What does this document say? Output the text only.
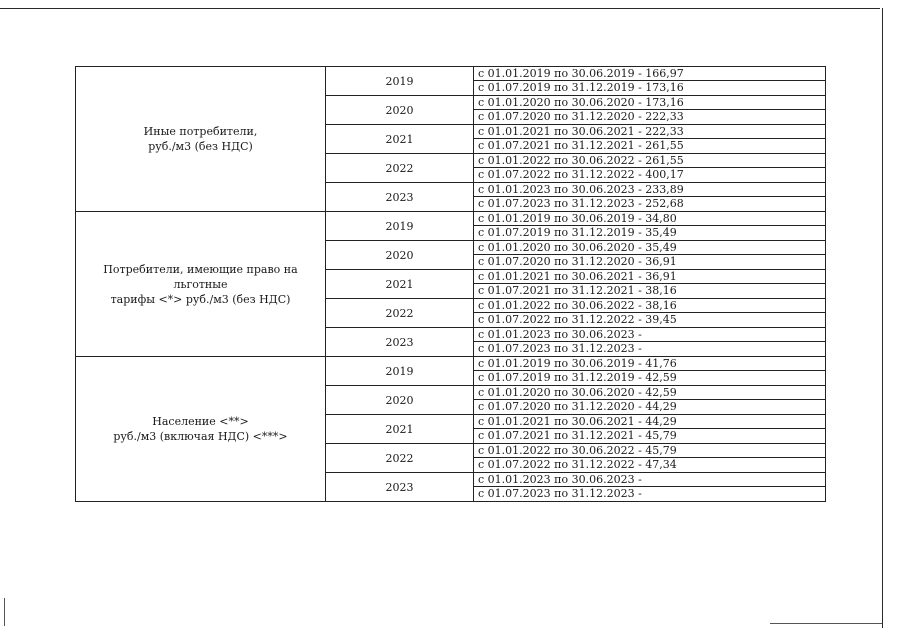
Иные потребители,
руб./м3 (без НДС)	2019	с 01.01.2019 по 30.06.2019 - 166,97
с 01.07.2019 по 31.12.2019 - 173,16

	2020	с 01.01.2020 по 30.06.2020 - 173,16
с 01.07.2020 по 31.12.2020 - 222,33

	2021	с 01.01.2021 по 30.06.2021 - 222,33
с 01.07.2021 по 31.12.2021 - 261,55

	2022	с 01.01.2022 по 30.06.2022 - 261,55
с 01.07.2022 по 31.12.2022 - 400,17

	2023	с 01.01.2023 по 30.06.2023 - 233,89
с 01.07.2023 по 31.12.2023 - 252,68

Потребители, имеющие право на льготные
тарифы <*> руб./м3 (без НДС)	2019	с 01.01.2019 по 30.06.2019 - 34,80
с 01.07.2019 по 31.12.2019 - 35,49

	2020	с 01.01.2020 по 30.06.2020 - 35,49
с 01.07.2020 по 31.12.2020 - 36,91

	2021	с 01.01.2021 по 30.06.2021 - 36,91
с 01.07.2021 по 31.12.2021 - 38,16

	2022	с 01.01.2022 по 30.06.2022 - 38,16
с 01.07.2022 по 31.12.2022 - 39,45

	2023	с 01.01.2023 по 30.06.2023 -
с 01.07.2023 по 31.12.2023 -

Население <**>
руб./м3 (включая НДС) <***>	2019	с 01.01.2019 по 30.06.2019 - 41,76
с 01.07.2019 по 31.12.2019 - 42,59

	2020	с 01.01.2020 по 30.06.2020 - 42,59
с 01.07.2020 по 31.12.2020 - 44,29

	2021	с 01.01.2021 по 30.06.2021 - 44,29
с 01.07.2021 по 31.12.2021 - 45,79

	2022	с 01.01.2022 по 30.06.2022 - 45,79
с 01.07.2022 по 31.12.2022 - 47,34

	2023	с 01.01.2023 по 30.06.2023 -
с 01.07.2023 по 31.12.2023 -
